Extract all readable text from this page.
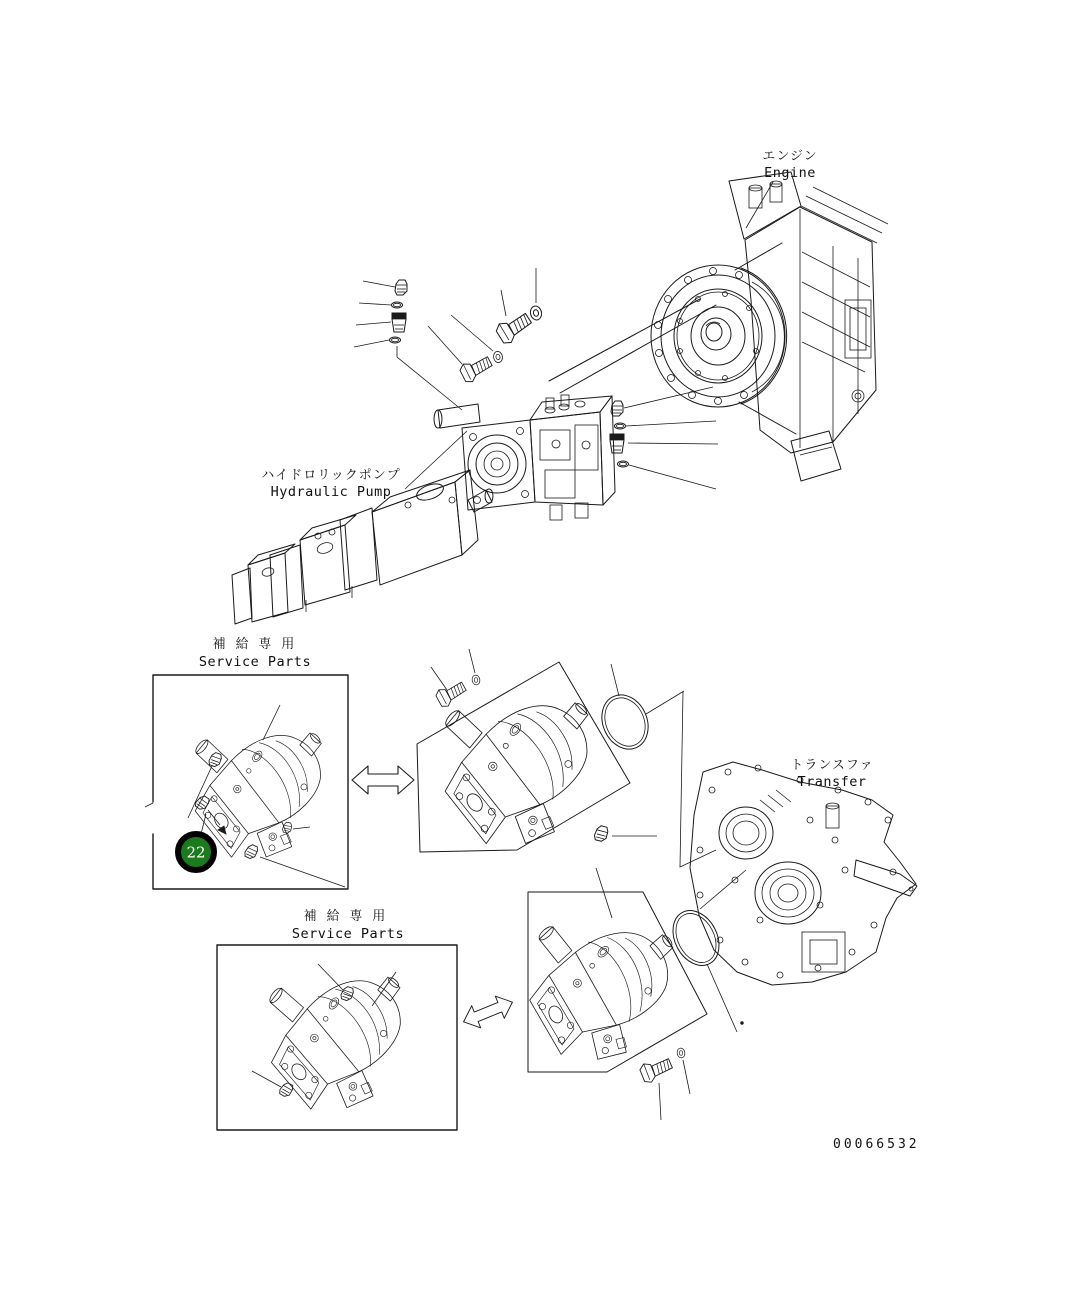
エンジン
Engine
ハイドロリックポンプ
Hydraulic Pump
補 給 専 用
Service Parts
22
トランスファ
Transfer
補 給 専 用
Service Parts
00066532
